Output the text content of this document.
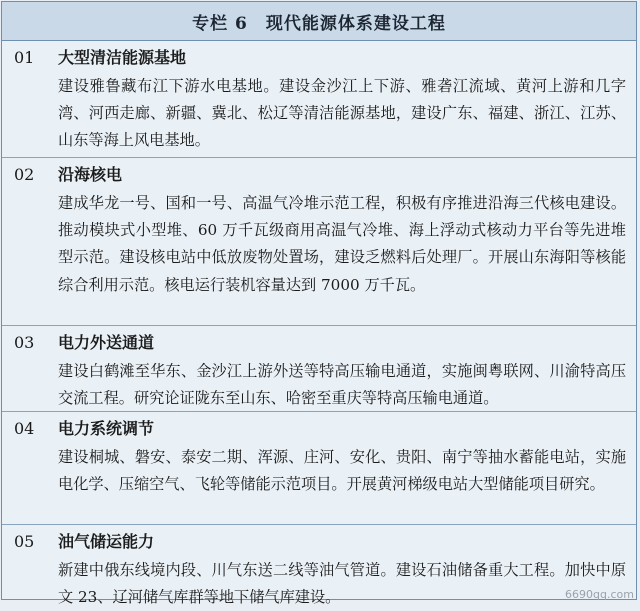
专栏 6　现代能源体系建设工程
01	大型清洁能源基地
建设雅鲁藏布江下游水电基地。建设金沙江上下游、雅砻江流域、黄河上游和几字湾、河西走廊、新疆、冀北、松辽等清洁能源基地，建设广东、福建、浙江、江苏、山东等海上风电基地。
02	沿海核电
建成华龙一号、国和一号、高温气冷堆示范工程，积极有序推进沿海三代核电建设。推动模块式小型堆、60 万千瓦级商用高温气冷堆、海上浮动式核动力平台等先进堆型示范。建设核电站中低放废物处置场，建设乏燃料后处理厂。开展山东海阳等核能综合利用示范。核电运行装机容量达到 7000 万千瓦。
03	电力外送通道
建设白鹤滩至华东、金沙江上游外送等特高压输电通道，实施闽粤联网、川渝特高压交流工程。研究论证陇东至山东、哈密至重庆等特高压输电通道。
04	电力系统调节
建设桐城、磐安、泰安二期、浑源、庄河、安化、贵阳、南宁等抽水蓄能电站，实施电化学、压缩空气、飞轮等储能示范项目。开展黄河梯级电站大型储能项目研究。
05	油气储运能力
新建中俄东线境内段、川气东送二线等油气管道。建设石油储备重大工程。加快中原文 23、辽河储气库群等地下储气库建设。	6690qq.com
